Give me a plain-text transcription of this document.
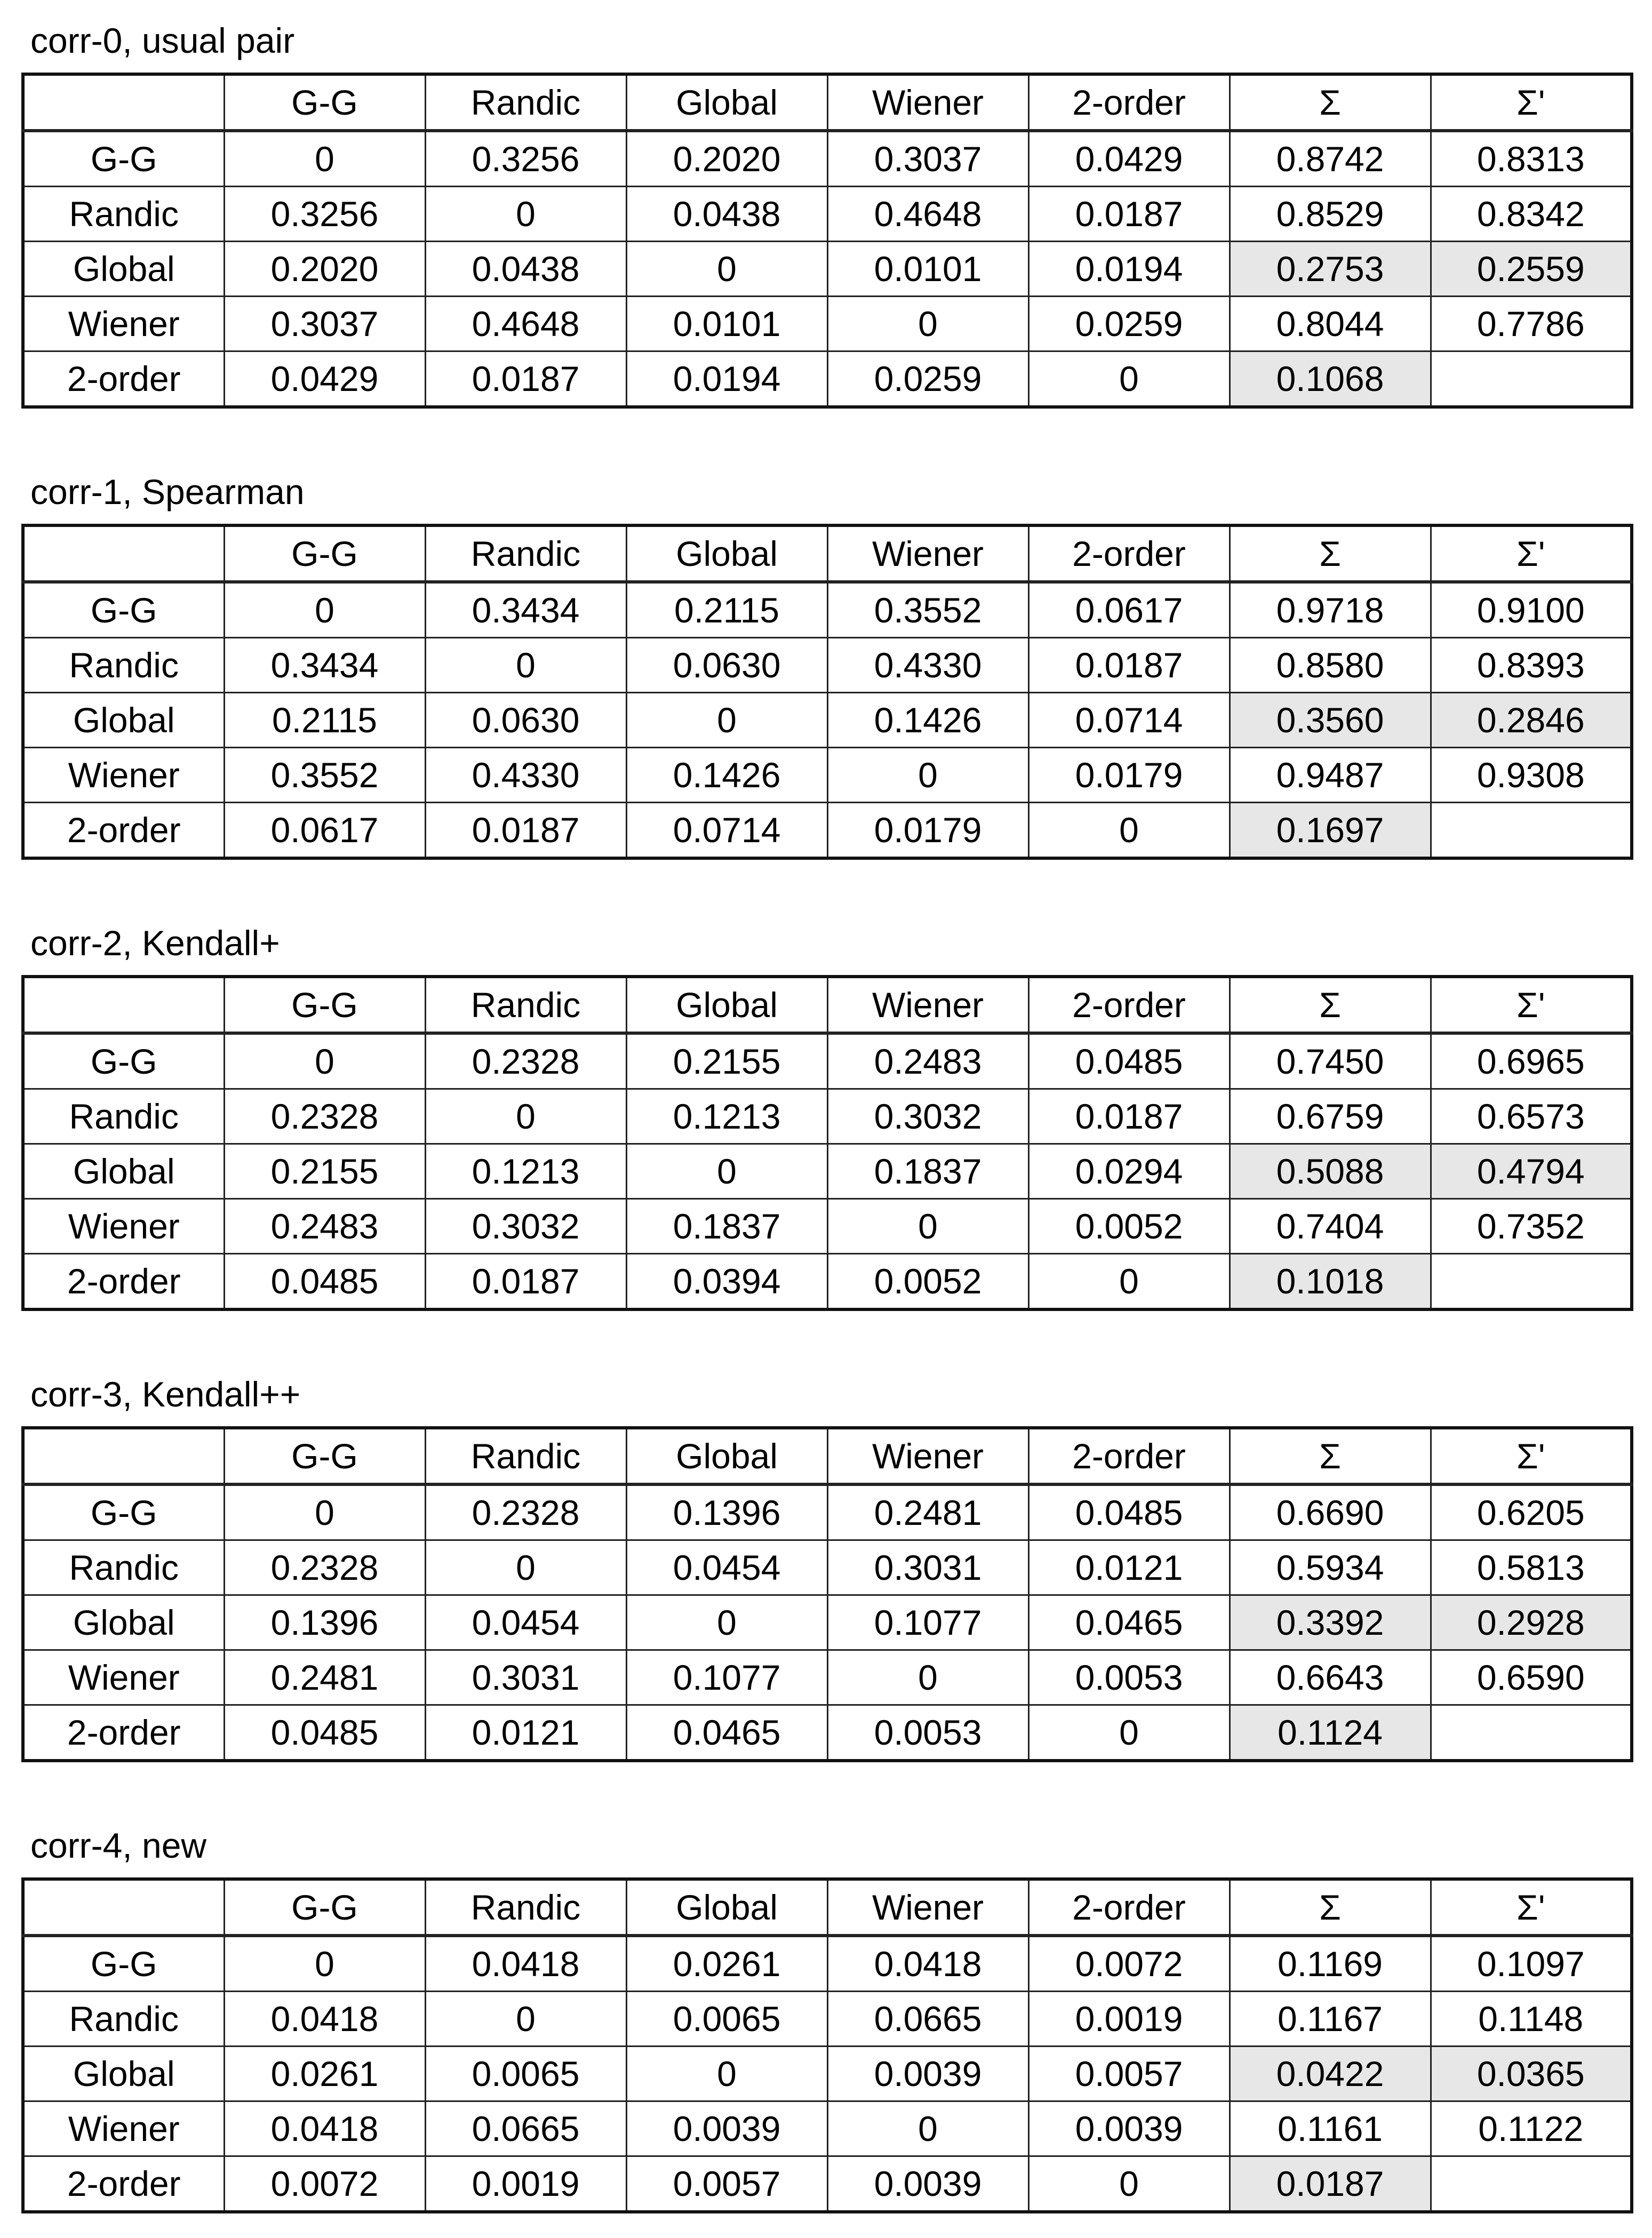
corr-0, usual pair
	G-G	Randic	Global	Wiener	2-order	Σ	Σ'
G-G	0	0.3256	0.2020	0.3037	0.0429	0.8742	0.8313
Randic	0.3256	0	0.0438	0.4648	0.0187	0.8529	0.8342
Global	0.2020	0.0438	0	0.0101	0.0194	0.2753	0.2559
Wiener	0.3037	0.4648	0.0101	0	0.0259	0.8044	0.7786
2-order	0.0429	0.0187	0.0194	0.0259	0	0.1068	
corr-1, Spearman
	G-G	Randic	Global	Wiener	2-order	Σ	Σ'
G-G	0	0.3434	0.2115	0.3552	0.0617	0.9718	0.9100
Randic	0.3434	0	0.0630	0.4330	0.0187	0.8580	0.8393
Global	0.2115	0.0630	0	0.1426	0.0714	0.3560	0.2846
Wiener	0.3552	0.4330	0.1426	0	0.0179	0.9487	0.9308
2-order	0.0617	0.0187	0.0714	0.0179	0	0.1697	
corr-2, Kendall+
	G-G	Randic	Global	Wiener	2-order	Σ	Σ'
G-G	0	0.2328	0.2155	0.2483	0.0485	0.7450	0.6965
Randic	0.2328	0	0.1213	0.3032	0.0187	0.6759	0.6573
Global	0.2155	0.1213	0	0.1837	0.0294	0.5088	0.4794
Wiener	0.2483	0.3032	0.1837	0	0.0052	0.7404	0.7352
2-order	0.0485	0.0187	0.0394	0.0052	0	0.1018	
corr-3, Kendall++
	G-G	Randic	Global	Wiener	2-order	Σ	Σ'
G-G	0	0.2328	0.1396	0.2481	0.0485	0.6690	0.6205
Randic	0.2328	0	0.0454	0.3031	0.0121	0.5934	0.5813
Global	0.1396	0.0454	0	0.1077	0.0465	0.3392	0.2928
Wiener	0.2481	0.3031	0.1077	0	0.0053	0.6643	0.6590
2-order	0.0485	0.0121	0.0465	0.0053	0	0.1124	
corr-4, new
	G-G	Randic	Global	Wiener	2-order	Σ	Σ'
G-G	0	0.0418	0.0261	0.0418	0.0072	0.1169	0.1097
Randic	0.0418	0	0.0065	0.0665	0.0019	0.1167	0.1148
Global	0.0261	0.0065	0	0.0039	0.0057	0.0422	0.0365
Wiener	0.0418	0.0665	0.0039	0	0.0039	0.1161	0.1122
2-order	0.0072	0.0019	0.0057	0.0039	0	0.0187	
